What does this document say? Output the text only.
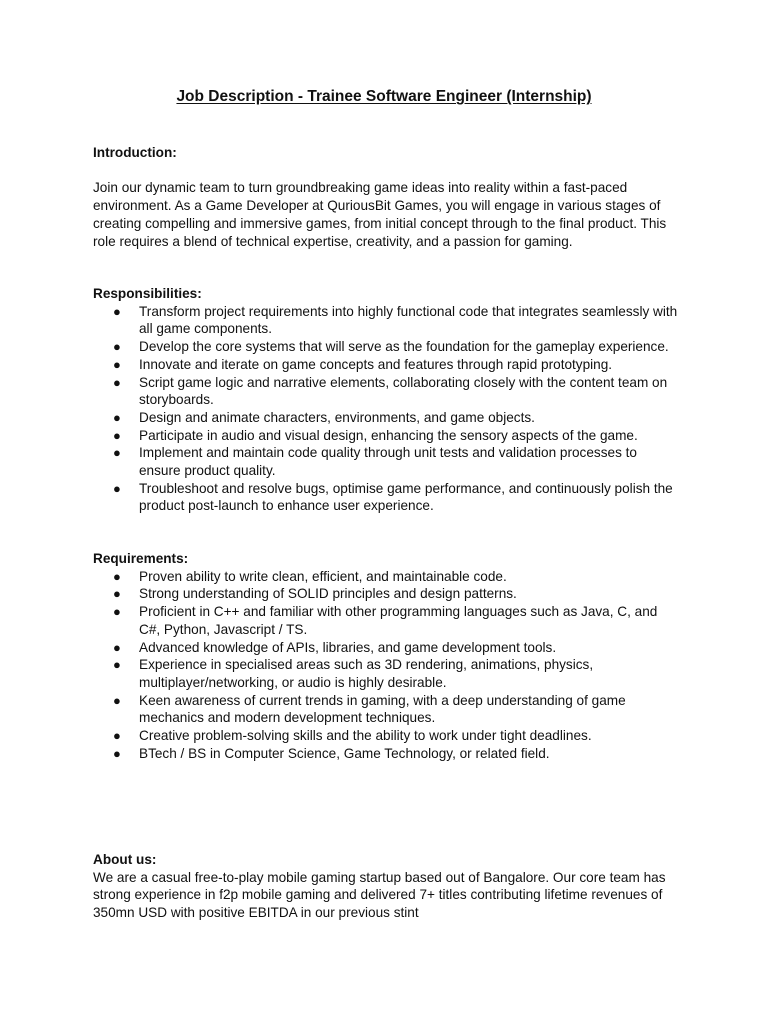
Job Description - Trainee Software Engineer (Internship)
Introduction:

Join our dynamic team to turn groundbreaking game ideas into reality within a fast-paced environment. As a Game Developer at QuriousBit Games, you will engage in various stages of creating compelling and immersive games, from initial concept through to the final product. This role requires a blend of technical expertise, creativity, and a passion for gaming.

Responsibilities:
● Transform project requirements into highly functional code that integrates seamlessly with all game components.
● Develop the core systems that will serve as the foundation for the gameplay experience.
● Innovate and iterate on game concepts and features through rapid prototyping.
● Script game logic and narrative elements, collaborating closely with the content team on storyboards.
● Design and animate characters, environments, and game objects.
● Participate in audio and visual design, enhancing the sensory aspects of the game.
● Implement and maintain code quality through unit tests and validation processes to ensure product quality.
● Troubleshoot and resolve bugs, optimise game performance, and continuously polish the product post-launch to enhance user experience.
Requirements:
● Proven ability to write clean, efficient, and maintainable code.
● Strong understanding of SOLID principles and design patterns.
● Proficient in C++ and familiar with other programming languages such as Java, C, and C#, Python, Javascript / TS.
● Advanced knowledge of APIs, libraries, and game development tools.
● Experience in specialised areas such as 3D rendering, animations, physics, multiplayer/networking, or audio is highly desirable.
● Keen awareness of current trends in gaming, with a deep understanding of game mechanics and modern development techniques.
● Creative problem-solving skills and the ability to work under tight deadlines.
● BTech / BS in Computer Science, Game Technology, or related field.
About us:

We are a casual free-to-play mobile gaming startup based out of Bangalore. Our core team has strong experience in f2p mobile gaming and delivered 7+ titles contributing lifetime revenues of 350mn USD with positive EBITDA in our previous stint
